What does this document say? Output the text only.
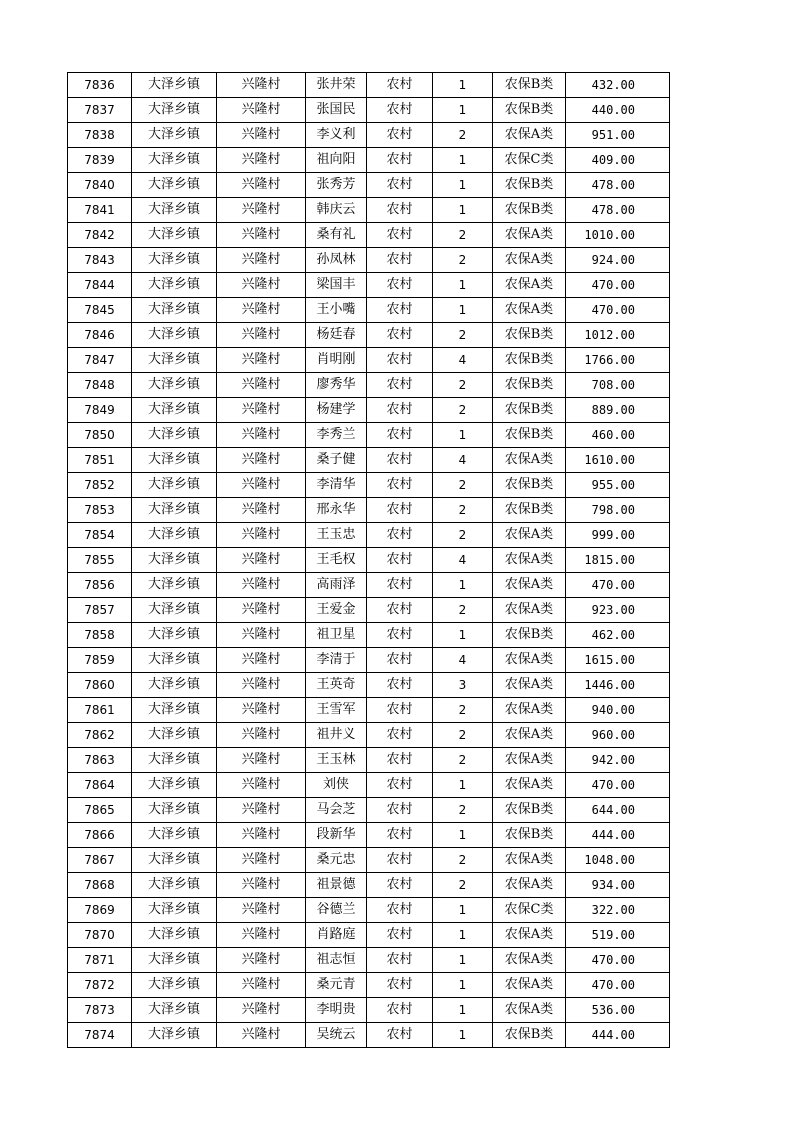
7836	大泽乡镇	兴隆村	张井荣	农村	1	农保B类	432.00
7837	大泽乡镇	兴隆村	张国民	农村	1	农保B类	440.00
7838	大泽乡镇	兴隆村	李义利	农村	2	农保A类	951.00
7839	大泽乡镇	兴隆村	祖向阳	农村	1	农保C类	409.00
7840	大泽乡镇	兴隆村	张秀芳	农村	1	农保B类	478.00
7841	大泽乡镇	兴隆村	韩庆云	农村	1	农保B类	478.00
7842	大泽乡镇	兴隆村	桑有礼	农村	2	农保A类	1010.00
7843	大泽乡镇	兴隆村	孙凤林	农村	2	农保A类	924.00
7844	大泽乡镇	兴隆村	梁国丰	农村	1	农保A类	470.00
7845	大泽乡镇	兴隆村	王小嘴	农村	1	农保A类	470.00
7846	大泽乡镇	兴隆村	杨廷春	农村	2	农保B类	1012.00
7847	大泽乡镇	兴隆村	肖明刚	农村	4	农保B类	1766.00
7848	大泽乡镇	兴隆村	廖秀华	农村	2	农保B类	708.00
7849	大泽乡镇	兴隆村	杨建学	农村	2	农保B类	889.00
7850	大泽乡镇	兴隆村	李秀兰	农村	1	农保B类	460.00
7851	大泽乡镇	兴隆村	桑子健	农村	4	农保A类	1610.00
7852	大泽乡镇	兴隆村	李清华	农村	2	农保B类	955.00
7853	大泽乡镇	兴隆村	邢永华	农村	2	农保B类	798.00
7854	大泽乡镇	兴隆村	王玉忠	农村	2	农保A类	999.00
7855	大泽乡镇	兴隆村	王毛权	农村	4	农保A类	1815.00
7856	大泽乡镇	兴隆村	高雨泽	农村	1	农保A类	470.00
7857	大泽乡镇	兴隆村	王爱金	农村	2	农保A类	923.00
7858	大泽乡镇	兴隆村	祖卫星	农村	1	农保B类	462.00
7859	大泽乡镇	兴隆村	李清于	农村	4	农保A类	1615.00
7860	大泽乡镇	兴隆村	王英奇	农村	3	农保A类	1446.00
7861	大泽乡镇	兴隆村	王雪军	农村	2	农保A类	940.00
7862	大泽乡镇	兴隆村	祖井义	农村	2	农保A类	960.00
7863	大泽乡镇	兴隆村	王玉林	农村	2	农保A类	942.00
7864	大泽乡镇	兴隆村	刘侠	农村	1	农保A类	470.00
7865	大泽乡镇	兴隆村	马会芝	农村	2	农保B类	644.00
7866	大泽乡镇	兴隆村	段新华	农村	1	农保B类	444.00
7867	大泽乡镇	兴隆村	桑元忠	农村	2	农保A类	1048.00
7868	大泽乡镇	兴隆村	祖景德	农村	2	农保A类	934.00
7869	大泽乡镇	兴隆村	谷德兰	农村	1	农保C类	322.00
7870	大泽乡镇	兴隆村	肖路庭	农村	1	农保A类	519.00
7871	大泽乡镇	兴隆村	祖志恒	农村	1	农保A类	470.00
7872	大泽乡镇	兴隆村	桑元青	农村	1	农保A类	470.00
7873	大泽乡镇	兴隆村	李明贵	农村	1	农保A类	536.00
7874	大泽乡镇	兴隆村	吴统云	农村	1	农保B类	444.00
